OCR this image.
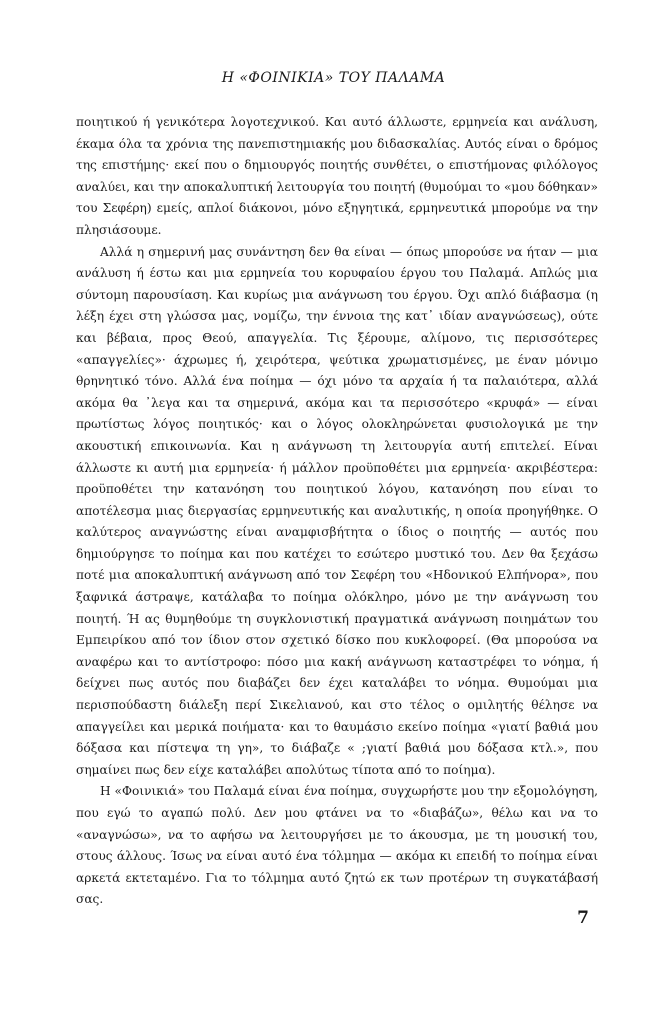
Η «ΦΟΙΝΙΚΙΑ» ΤΟΥ ΠΑΛΑΜΑ

ποιητικού ή γενικότερα λογοτεχνικού. Και αυτό άλλωστε, ερμηνεία και ανάλυση, έκαμα όλα τα χρόνια της πανεπιστημιακής μου διδασκαλίας. Αυτός είναι ο δρόμος της επιστήμης· εκεί που ο δημιουργός ποιητής συνθέτει, ο επιστήμονας φιλόλογος αναλύει, και την αποκαλυπτική λειτουργία του ποιητή (θυμούμαι το «μου δόθηκαν» του Σεφέρη) εμείς, απλοί διάκονοι, μόνο εξηγητικά, ερμηνευτικά μπορούμε να την πλησιάσουμε.

Αλλά η σημερινή μας συνάντηση δεν θα είναι — όπως μπορούσε να ήταν — μια ανάλυση ή έστω και μια ερμηνεία του κορυφαίου έργου του Παλαμά. Απλώς μια σύντομη παρουσίαση. Και κυρίως μια ανάγνωση του έργου. Όχι απλό διάβασμα (η λέξη έχει στη γλώσσα μας, νομίζω, την έννοια της κατ᾽ ιδίαν αναγνώσεως), ούτε και βέβαια, προς Θεού, απαγγελία. Τις ξέρουμε, αλίμονο, τις περισσότερες «απαγγελίες»· άχρωμες ή, χειρότερα, ψεύτικα χρωματισμένες, με έναν μόνιμο θρηνητικό τόνο. Αλλά ένα ποίημα — όχι μόνο τα αρχαία ή τα παλαιότερα, αλλά ακόμα θα ᾽λεγα και τα σημερινά, ακόμα και τα περισσότερο «κρυφά» — είναι πρωτίστως λόγος ποιητικός· και ο λόγος ολοκληρώνεται φυσιολογικά με την ακουστική επικοινωνία. Και η ανάγνωση τη λειτουργία αυτή επιτελεί. Είναι άλλωστε κι αυτή μια ερμηνεία· ή μάλλον προϋποθέτει μια ερμηνεία· ακριβέστερα: προϋποθέτει την κατανόηση του ποιητικού λόγου, κατανόηση που είναι το αποτέλεσμα μιας διεργασίας ερμηνευτικής και αναλυτικής, η οποία προηγήθηκε. Ο καλύτερος αναγνώστης είναι αναμφισβήτητα ο ίδιος ο ποιητής — αυτός που δημιούργησε το ποίημα και που κατέχει το εσώτερο μυστικό του. Δεν θα ξεχάσω ποτέ μια αποκαλυπτική ανάγνωση από τον Σεφέρη του «Ηδονικού Ελπήνορα», που ξαφνικά άστραψε, κατάλαβα το ποίημα ολόκληρο, μόνο με την ανάγνωση του ποιητή. Ή ας θυμηθούμε τη συγκλονιστική πραγματικά ανάγνωση ποιημάτων του Εμπειρίκου από τον ίδιον στον σχετικό δίσκο που κυκλοφορεί. (Θα μπορούσα να αναφέρω και το αντίστροφο: πόσο μια κακή ανάγνωση καταστρέφει το νόημα, ή δείχνει πως αυτός που διαβάζει δεν έχει καταλάβει το νόημα. Θυμούμαι μια περισπούδαστη διάλεξη περί Σικελιανού, και στο τέλος ο ομιλητής θέλησε να απαγγείλει και μερικά ποιήματα· και το θαυμάσιο εκείνο ποίημα «γιατί βαθιά μου δόξασα και πίστεψα τη γη», το διάβαζε « ;γιατί βαθιά μου δόξασα κτλ.», που σημαίνει πως δεν είχε καταλάβει απολύτως τίποτα από το ποίημα).

Η «Φοινικιά» του Παλαμά είναι ένα ποίημα, συγχωρήστε μου την εξομολόγηση, που εγώ το αγαπώ πολύ. Δεν μου φτάνει να το «διαβάζω», θέλω και να το «αναγνώσω», να το αφήσω να λειτουργήσει με το άκουσμα, με τη μουσική του, στους άλλους. Ίσως να είναι αυτό ένα τόλμημα — ακόμα κι επειδή το ποίημα είναι αρκετά εκτεταμένο. Για το τόλμημα αυτό ζητώ εκ των προτέρων τη συγκατάβασή σας.

7
